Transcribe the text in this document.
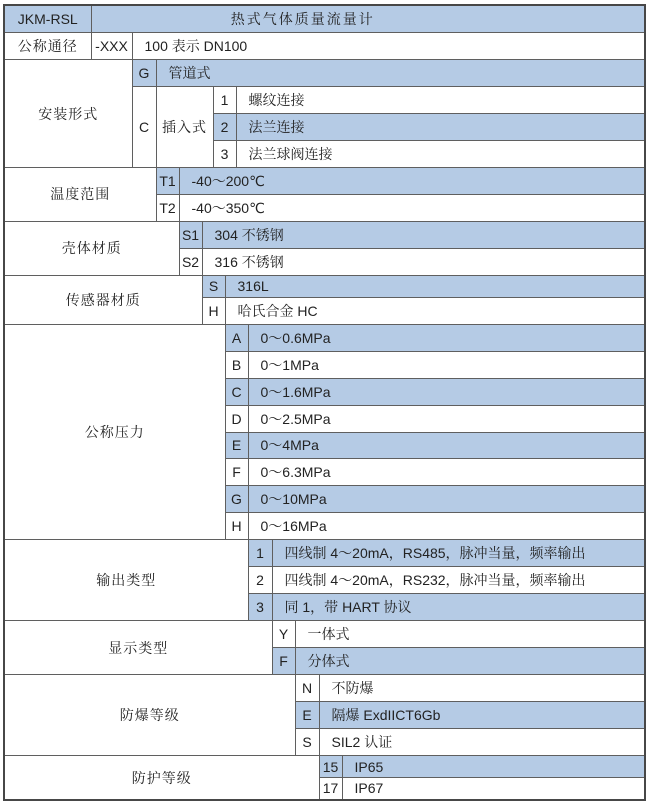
JKM-RSL	热式气体质量流量计												
公称通径	-XXX	100 表示 DN100											
安装形式		G	管道式										
		C	插入式			1		螺纹连接					
						2		法兰连接					
						3		法兰球阀连接					
温度范围			T1	-40～200℃									
			T2	-40～350℃									
壳体材质				S1	304 不锈钢								
				S2	316 不锈钢								
传感器材质					S		316L						
					H		哈氏合金 HC						
公称压力							A		0～0.6MPa				
							B		0～1MPa				
							C		0～1.6MPa				
							D		0～2.5MPa				
							E		0～4MPa				
							F		0～6.3MPa				
							G		0～10MPa				
							H		0～16MPa				
输出类型									1	四线制 4～20mA，RS485，脉冲当量，频率输出			
									2	四线制 4～20mA，RS232，脉冲当量，频率输出			
									3	同 1，带 HART 协议			
显示类型										Y	一体式		
										F	分体式		
防爆等级											N	不防爆	
											E	隔爆 ExdIICT6Gb	
											S	SIL2 认证	
防护等级												15	IP65
												17	IP67
